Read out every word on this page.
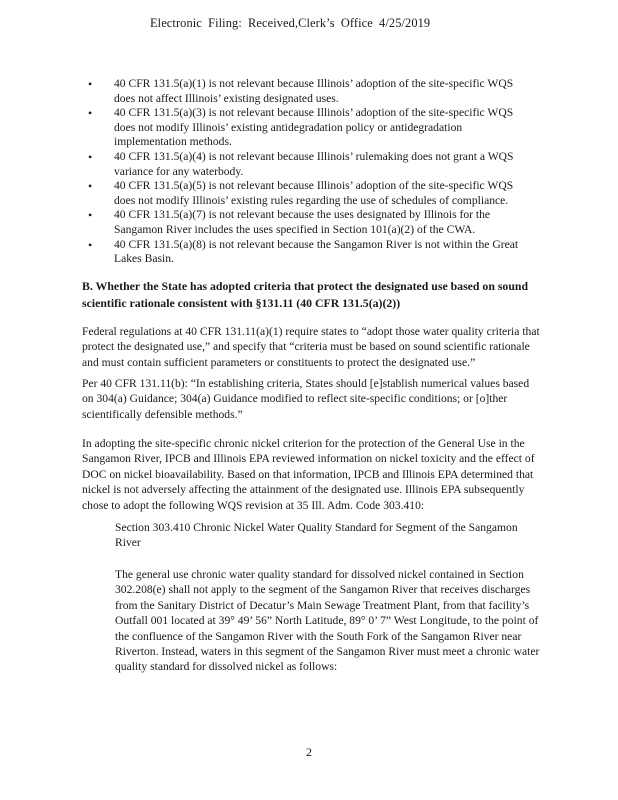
Electronic Filing: Received,Clerk’s Office 4/25/2019
• 40 CFR 131.5(a)(1) is not relevant because Illinois’ adoption of the site-specific WQS does not affect Illinois’ existing designated uses.
• 40 CFR 131.5(a)(3) is not relevant because Illinois’ adoption of the site-specific WQS does not modify Illinois’ existing antidegradation policy or antidegradation implementation methods.
• 40 CFR 131.5(a)(4) is not relevant because Illinois’ rulemaking does not grant a WQS variance for any waterbody.
• 40 CFR 131.5(a)(5) is not relevant because Illinois’ adoption of the site-specific WQS does not modify Illinois’ existing rules regarding the use of schedules of compliance.
• 40 CFR 131.5(a)(7) is not relevant because the uses designated by Illinois for the Sangamon River includes the uses specified in Section 101(a)(2) of the CWA.
• 40 CFR 131.5(a)(8) is not relevant because the Sangamon River is not within the Great Lakes Basin.
B. Whether the State has adopted criteria that protect the designated use based on sound scientific rationale consistent with §131.11 (40 CFR 131.5(a)(2))

Federal regulations at 40 CFR 131.11(a)(1) require states to “adopt those water quality criteria that protect the designated use,” and specify that “criteria must be based on sound scientific rationale and must contain sufficient parameters or constituents to protect the designated use.”

Per 40 CFR 131.11(b): “In establishing criteria, States should [e]stablish numerical values based on 304(a) Guidance; 304(a) Guidance modified to reflect site-specific conditions; or [o]ther scientifically defensible methods.”

In adopting the site-specific chronic nickel criterion for the protection of the General Use in the Sangamon River, IPCB and Illinois EPA reviewed information on nickel toxicity and the effect of DOC on nickel bioavailability. Based on that information, IPCB and Illinois EPA determined that nickel is not adversely affecting the attainment of the designated use. Illinois EPA subsequently chose to adopt the following WQS revision at 35 Ill. Adm. Code 303.410:

Section 303.410 Chronic Nickel Water Quality Standard for Segment of the Sangamon River

The general use chronic water quality standard for dissolved nickel contained in Section 302.208(e) shall not apply to the segment of the Sangamon River that receives discharges from the Sanitary District of Decatur’s Main Sewage Treatment Plant, from that facility’s Outfall 001 located at 39° 49’ 56” North Latitude, 89° 0’ 7” West Longitude, to the point of the confluence of the Sangamon River with the South Fork of the Sangamon River near Riverton. Instead, waters in this segment of the Sangamon River must meet a chronic water quality standard for dissolved nickel as follows:

2
